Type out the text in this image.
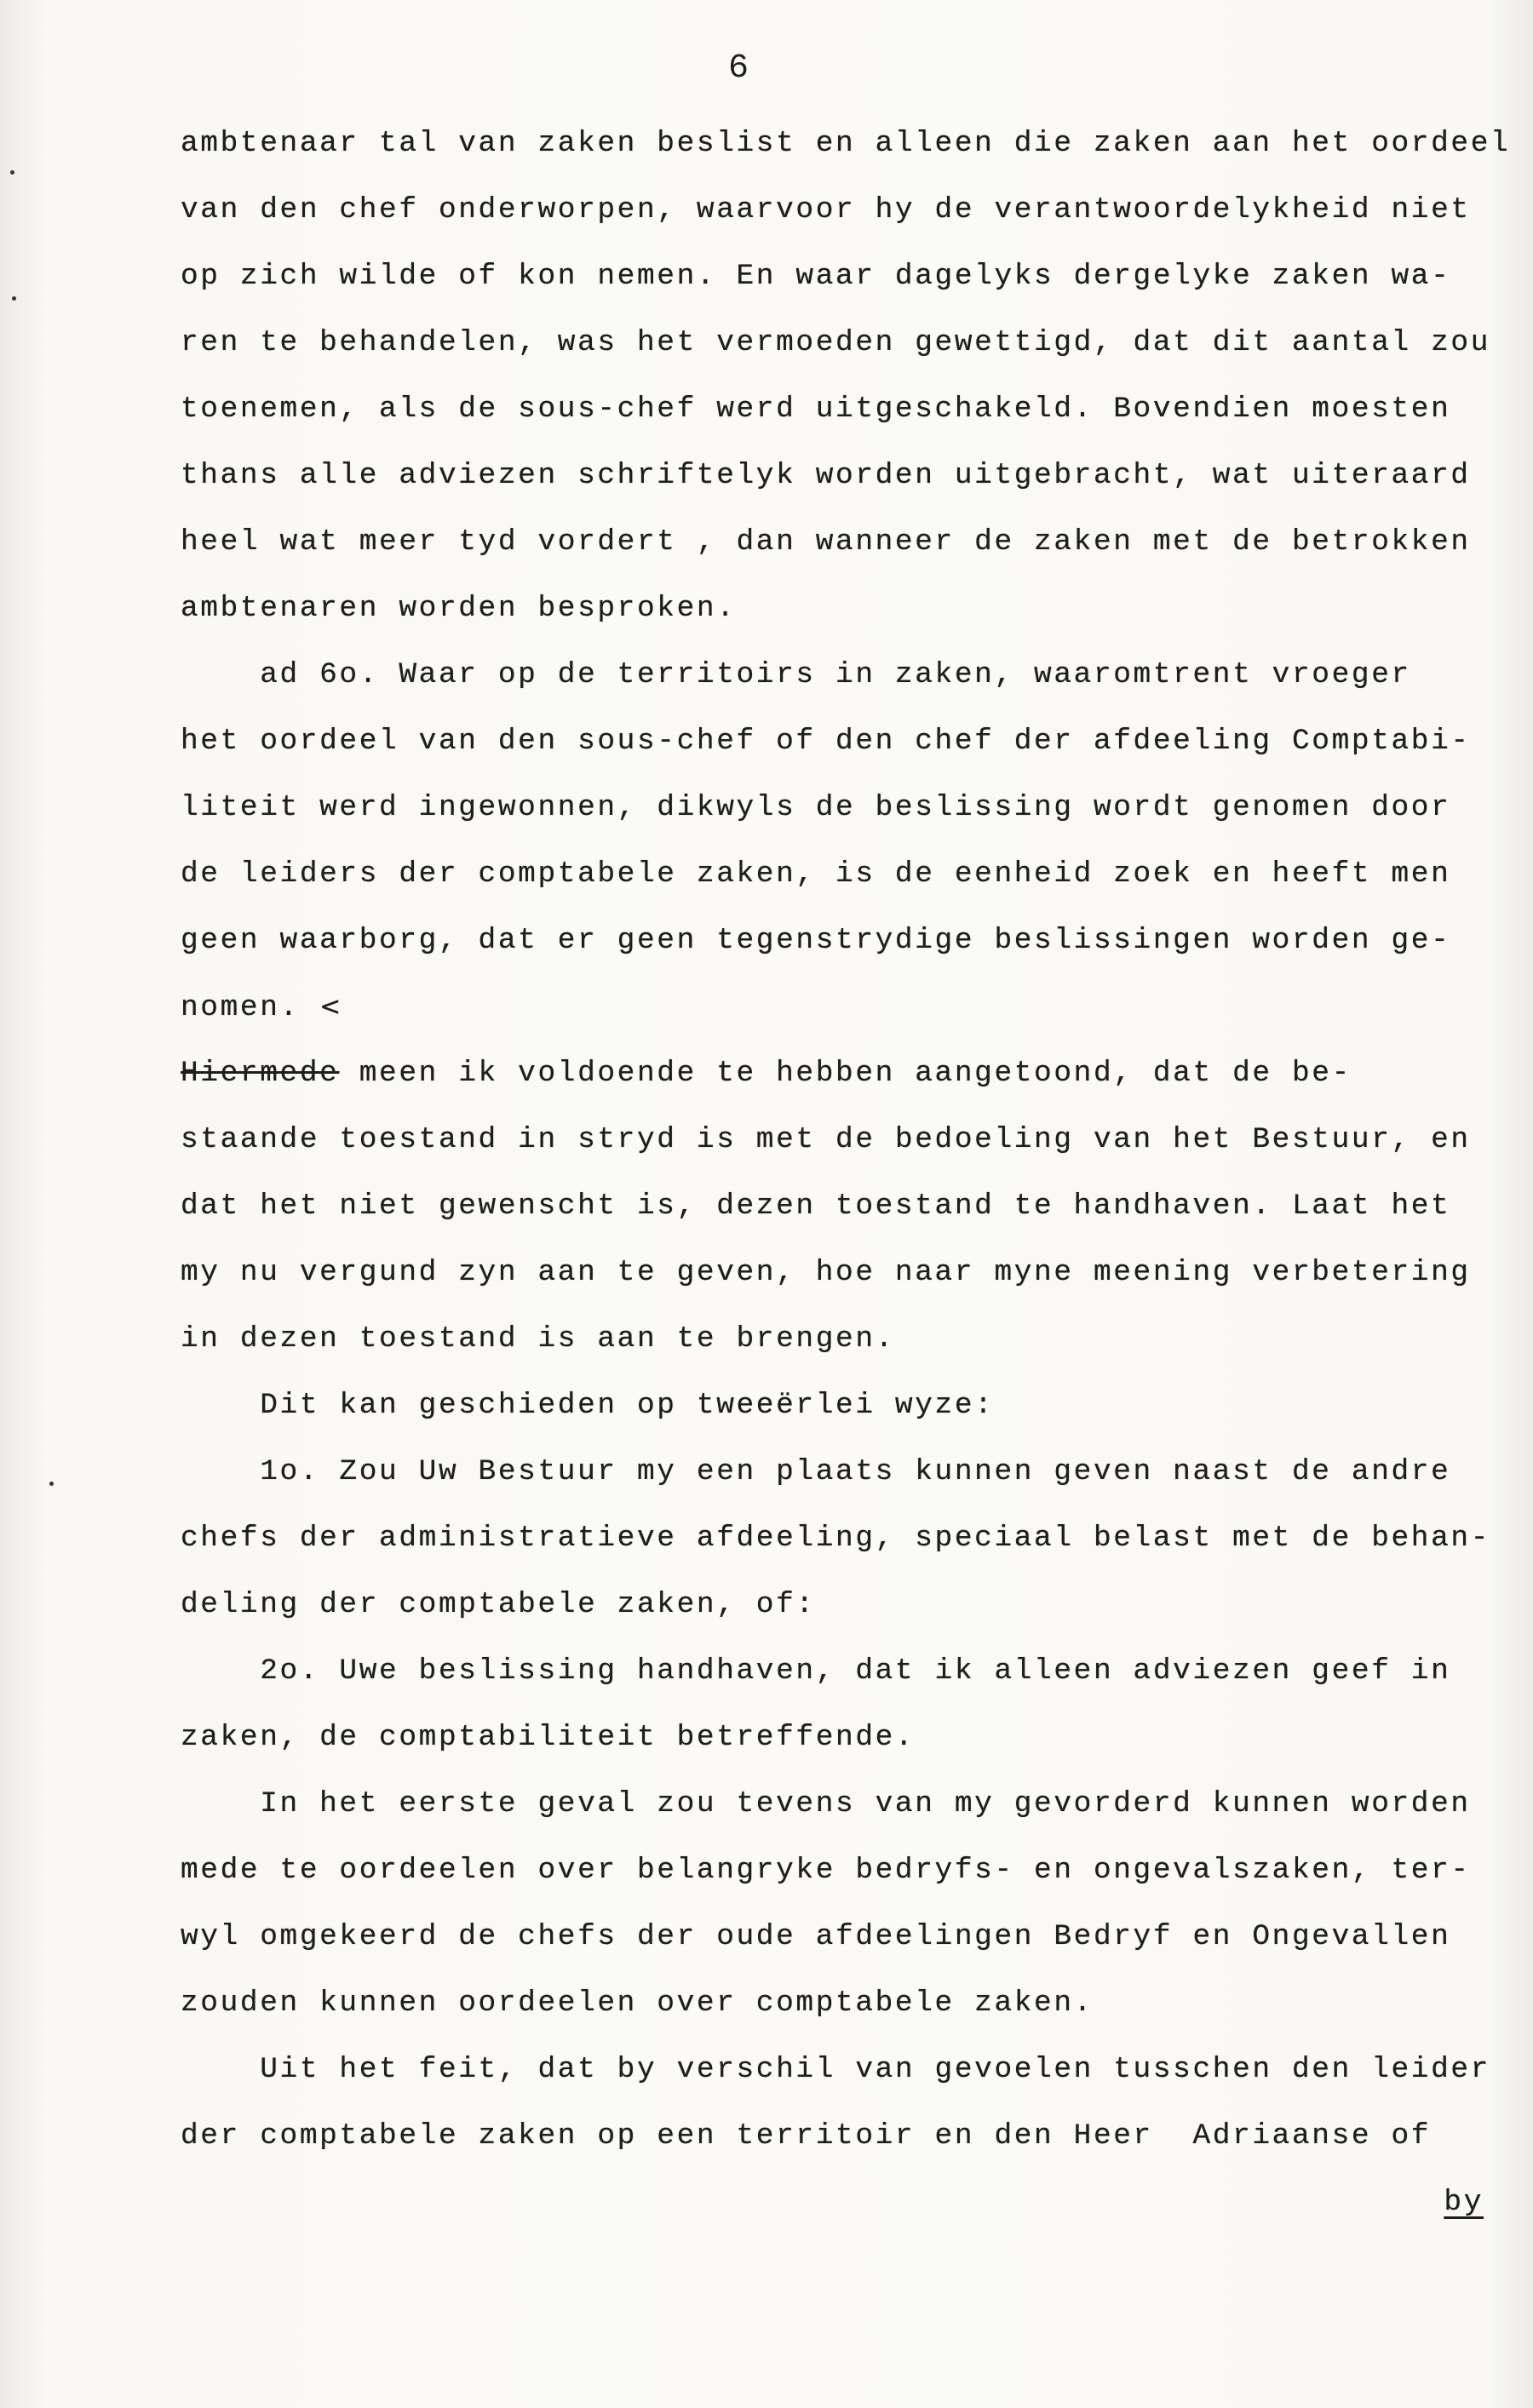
6
ambtenaar tal van zaken beslist en alleen die zaken aan het oordeel
van den chef onderworpen, waarvoor hy de verantwoordelykheid niet
op zich wilde of kon nemen. En waar dagelyks dergelyke zaken wa-
ren te behandelen, was het vermoeden gewettigd, dat dit aantal zou
toenemen, als de sous-chef werd uitgeschakeld. Bovendien moesten
thans alle adviezen schriftelyk worden uitgebracht, wat uiteraard
heel wat meer tyd vordert , dan wanneer de zaken met de betrokken
ambtenaren worden besproken.
ad 6o. Waar op de territoirs in zaken, waaromtrent vroeger
het oordeel van den sous-chef of den chef der afdeeling Comptabi-
liteit werd ingewonnen, dikwyls de beslissing wordt genomen door
de leiders der comptabele zaken, is de eenheid zoek en heeft men
geen waarborg, dat er geen tegenstrydige beslissingen worden ge-
nomen. <
Hiermede meen ik voldoende te hebben aangetoond, dat de be-
staande toestand in stryd is met de bedoeling van het Bestuur, en
dat het niet gewenscht is, dezen toestand te handhaven. Laat het
my nu vergund zyn aan te geven, hoe naar myne meening verbetering
in dezen toestand is aan te brengen.
Dit kan geschieden op tweeërlei wyze:
1o. Zou Uw Bestuur my een plaats kunnen geven naast de andre
chefs der administratieve afdeeling, speciaal belast met de behan-
deling der comptabele zaken, of:
2o. Uwe beslissing handhaven, dat ik alleen adviezen geef in
zaken, de comptabiliteit betreffende.
In het eerste geval zou tevens van my gevorderd kunnen worden
mede te oordeelen over belangryke bedryfs- en ongevalszaken, ter-
wyl omgekeerd de chefs der oude afdeelingen Bedryf en Ongevallen
zouden kunnen oordeelen over comptabele zaken.
Uit het feit, dat by verschil van gevoelen tusschen den leider
der comptabele zaken op een territoir en den Heer  Adriaanse of
by
